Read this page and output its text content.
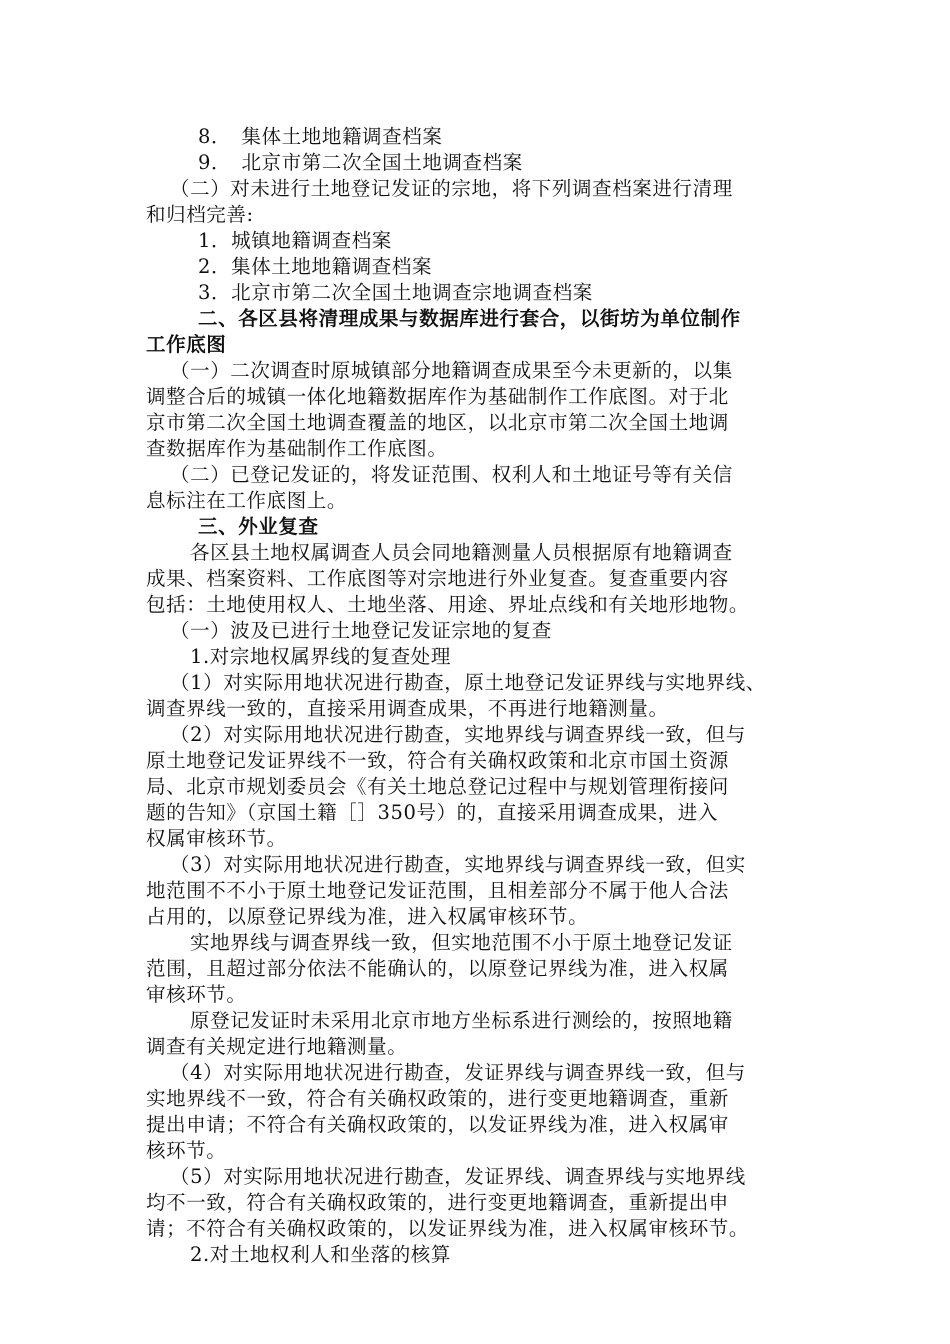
8．　集体土地地籍调查档案
9．　北京市第二次全国土地调查档案
（二）对未进行土地登记发证的宗地，将下列调查档案进行清理
和归档完善:
1．城镇地籍调查档案
2．集体土地地籍调查档案
3．北京市第二次全国土地调查宗地调查档案
二、各区县将清理成果与数据库进行套合，以街坊为单位制作
工作底图
（一）二次调查时原城镇部分地籍调查成果至今未更新的，以集
调整合后的城镇一体化地籍数据库作为基础制作工作底图。对于北
京市第二次全国土地调查覆盖的地区，以北京市第二次全国土地调
查数据库作为基础制作工作底图。
（二）已登记发证的，将发证范围、权利人和土地证号等有关信
息标注在工作底图上。
三、外业复查
各区县土地权属调查人员会同地籍测量人员根据原有地籍调查
成果、档案资料、工作底图等对宗地进行外业复查。复查重要内容
包括：土地使用权人、土地坐落、用途、界址点线和有关地形地物。
（一）波及已进行土地登记发证宗地的复查
1.对宗地权属界线的复查处理
（1）对实际用地状况进行勘查，原土地登记发证界线与实地界线、
调查界线一致的，直接采用调查成果，不再进行地籍测量。
（2）对实际用地状况进行勘查，实地界线与调查界线一致，但与
原土地登记发证界线不一致，符合有关确权政策和北京市国土资源
局、北京市规划委员会《有关土地总登记过程中与规划管理衔接问
题的告知》（京国土籍［］350号）的，直接采用调查成果，进入
权属审核环节。
（3）对实际用地状况进行勘查，实地界线与调查界线一致，但实
地范围不不小于原土地登记发证范围，且相差部分不属于他人合法
占用的，以原登记界线为准，进入权属审核环节。
实地界线与调查界线一致，但实地范围不小于原土地登记发证
范围，且超过部分依法不能确认的，以原登记界线为准，进入权属
审核环节。
原登记发证时未采用北京市地方坐标系进行测绘的，按照地籍
调查有关规定进行地籍测量。
（4）对实际用地状况进行勘查，发证界线与调查界线一致，但与
实地界线不一致，符合有关确权政策的，进行变更地籍调查，重新
提出申请；不符合有关确权政策的，以发证界线为准，进入权属审
核环节。
（5）对实际用地状况进行勘查，发证界线、调查界线与实地界线
均不一致，符合有关确权政策的，进行变更地籍调查，重新提出申
请；不符合有关确权政策的，以发证界线为准，进入权属审核环节。
2.对土地权利人和坐落的核算
